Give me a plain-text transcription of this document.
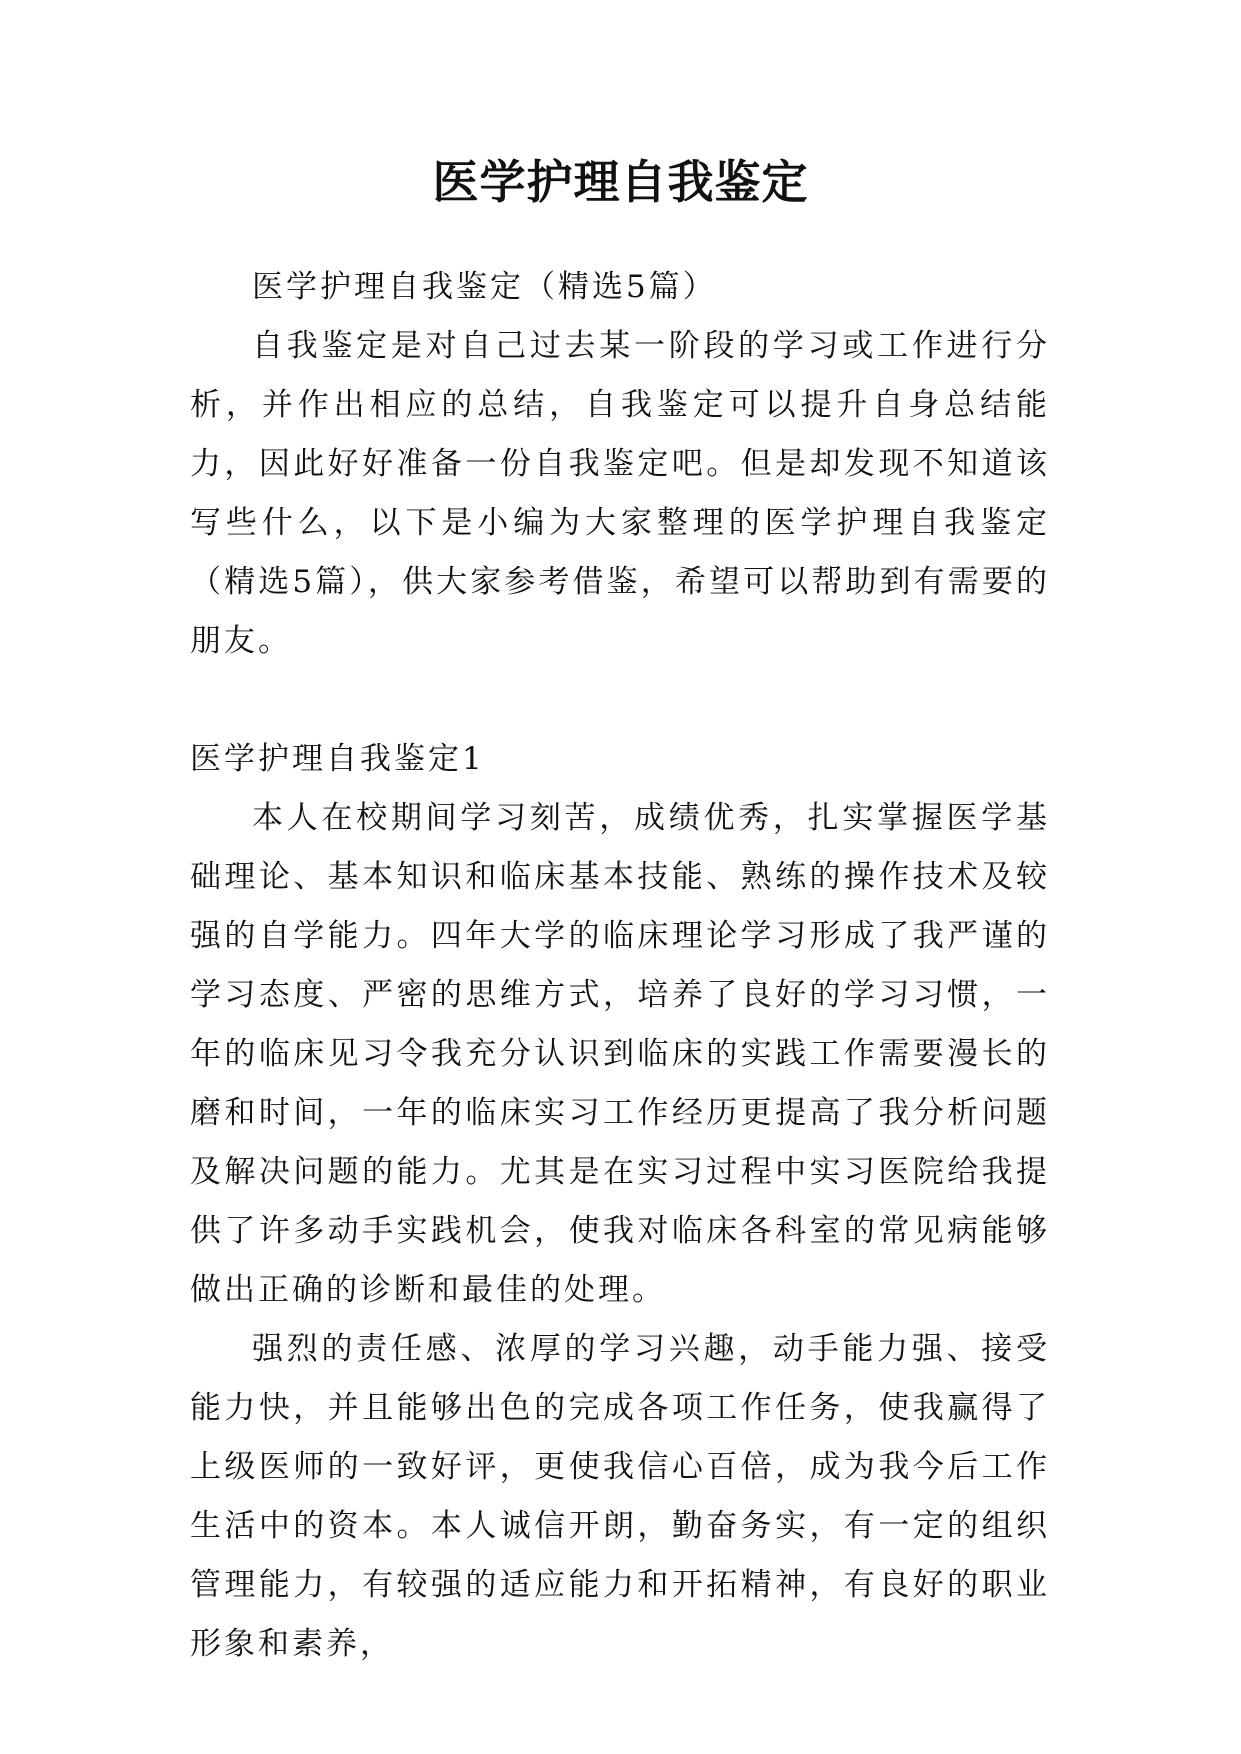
医学护理自我鉴定

医学护理自我鉴定（精选5篇）

自我鉴定是对自己过去某一阶段的学习或工作进行分析，并作出相应的总结，自我鉴定可以提升自身总结能力，因此好好准备一份自我鉴定吧。但是却发现不知道该写些什么，以下是小编为大家整理的医学护理自我鉴定（精选5篇），供大家参考借鉴，希望可以帮助到有需要的朋友。

医学护理自我鉴定1

本人在校期间学习刻苦，成绩优秀，扎实掌握医学基础理论、基本知识和临床基本技能、熟练的操作技术及较强的自学能力。四年大学的临床理论学习形成了我严谨的学习态度、严密的思维方式，培养了良好的学习习惯，一年的临床见习令我充分认识到临床的实践工作需要漫长的磨和时间，一年的临床实习工作经历更提高了我分析问题及解决问题的能力。尤其是在实习过程中实习医院给我提供了许多动手实践机会，使我对临床各科室的常见病能够做出正确的诊断和最佳的处理。

强烈的责任感、浓厚的学习兴趣，动手能力强、接受能力快，并且能够出色的完成各项工作任务，使我赢得了上级医师的一致好评，更使我信心百倍，成为我今后工作生活中的资本。本人诚信开朗，勤奋务实，有一定的组织管理能力，有较强的适应能力和开拓精神，有良好的职业形象和素养，
